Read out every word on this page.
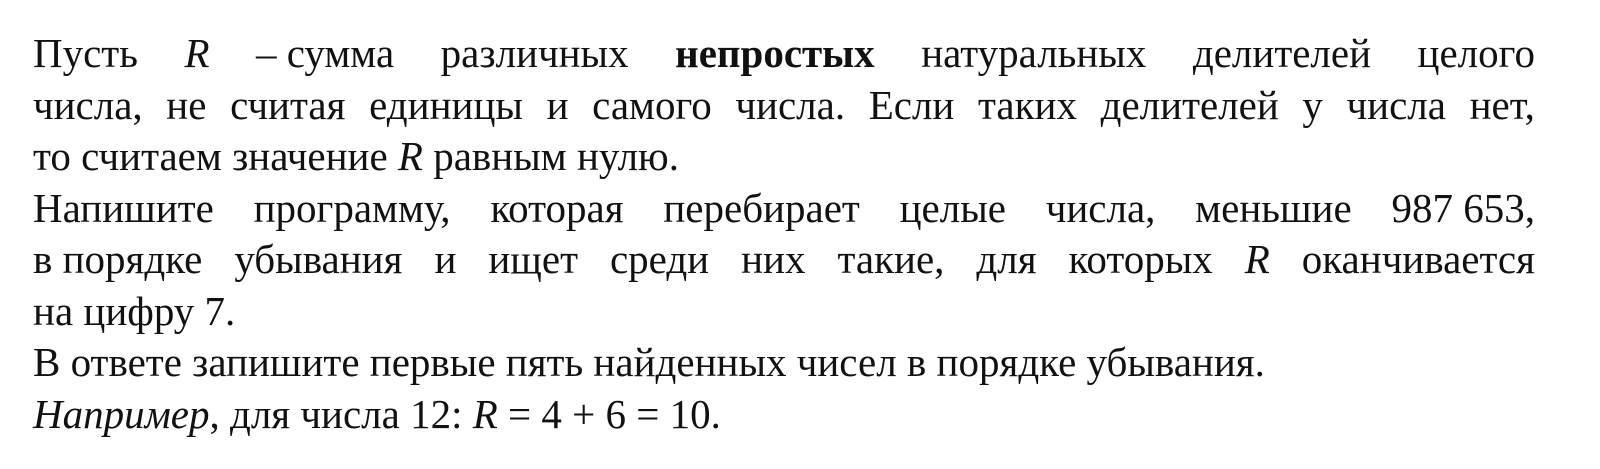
Пусть R – сумма различных непростых натуральных делителей целого
числа, не считая единицы и самого числа. Если таких делителей у числа нет,
то считаем значение R равным нулю.
Напишите программу, которая перебирает целые числа, меньшие 987 653,
в порядке убывания и ищет среди них такие, для которых R оканчивается
на цифру 7.
В ответе запишите первые пять найденных чисел в порядке убывания.
Например, для числа 12: R = 4 + 6 = 10.
